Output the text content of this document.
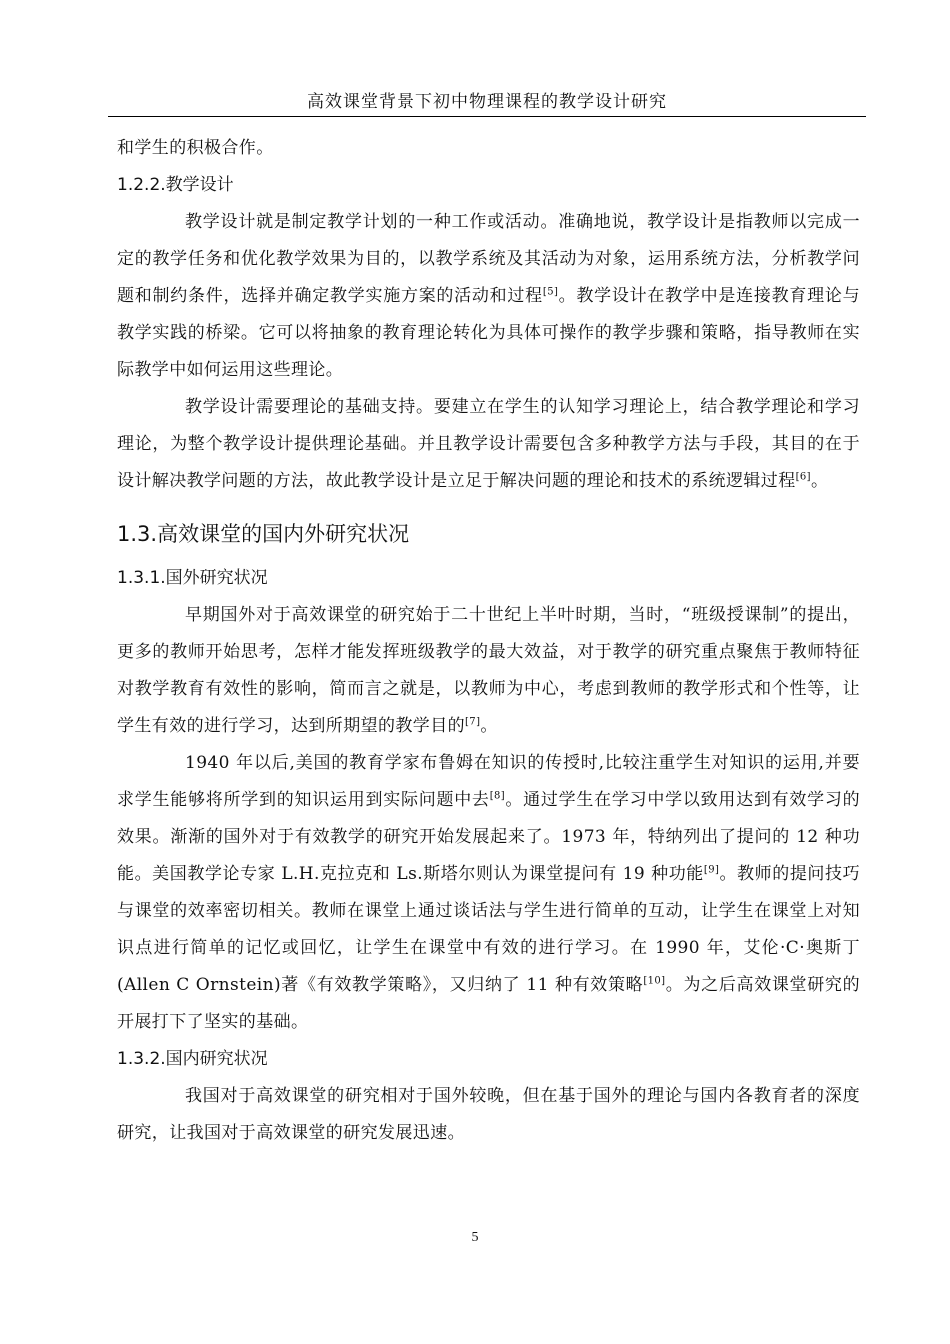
高效课堂背景下初中物理课程的教学设计研究

和学生的积极合作。

1.2.2.教学设计

教学设计就是制定教学计划的一种工作或活动。准确地说，教学设计是指教师以完成一定的教学任务和优化教学效果为目的，以教学系统及其活动为对象，运用系统方法，分析教学问题和制约条件，选择并确定教学实施方案的活动和过程[5]。教学设计在教学中是连接教育理论与教学实践的桥梁。它可以将抽象的教育理论转化为具体可操作的教学步骤和策略，指导教师在实际教学中如何运用这些理论。

教学设计需要理论的基础支持。要建立在学生的认知学习理论上，结合教学理论和学习理论，为整个教学设计提供理论基础。并且教学设计需要包含多种教学方法与手段，其目的在于设计解决教学问题的方法，故此教学设计是立足于解决问题的理论和技术的系统逻辑过程[6]。

1.3.高效课堂的国内外研究状况

1.3.1.国外研究状况

早期国外对于高效课堂的研究始于二十世纪上半叶时期，当时，“班级授课制”的提出，更多的教师开始思考，怎样才能发挥班级教学的最大效益，对于教学的研究重点聚焦于教师特征对教学教育有效性的影响，简而言之就是，以教师为中心，考虑到教师的教学形式和个性等，让学生有效的进行学习，达到所期望的教学目的[7]。

1940 年以后,美国的教育学家布鲁姆在知识的传授时,比较注重学生对知识的运用,并要求学生能够将所学到的知识运用到实际问题中去[8]。通过学生在学习中学以致用达到有效学习的效果。渐渐的国外对于有效教学的研究开始发展起来了。1973 年，特纳列出了提问的 12 种功能。美国教学论专家 L.H.克拉克和 Ls.斯塔尔则认为课堂提问有 19 种功能[9]。教师的提问技巧与课堂的效率密切相关。教师在课堂上通过谈话法与学生进行简单的互动，让学生在课堂上对知识点进行简单的记忆或回忆，让学生在课堂中有效的进行学习。在 1990 年，艾伦·C·奥斯丁(Allen C Ornstein)著《有效教学策略》，又归纳了 11 种有效策略[10]。为之后高效课堂研究的开展打下了坚实的基础。

1.3.2.国内研究状况

我国对于高效课堂的研究相对于国外较晚，但在基于国外的理论与国内各教育者的深度研究，让我国对于高效课堂的研究发展迅速。

5
